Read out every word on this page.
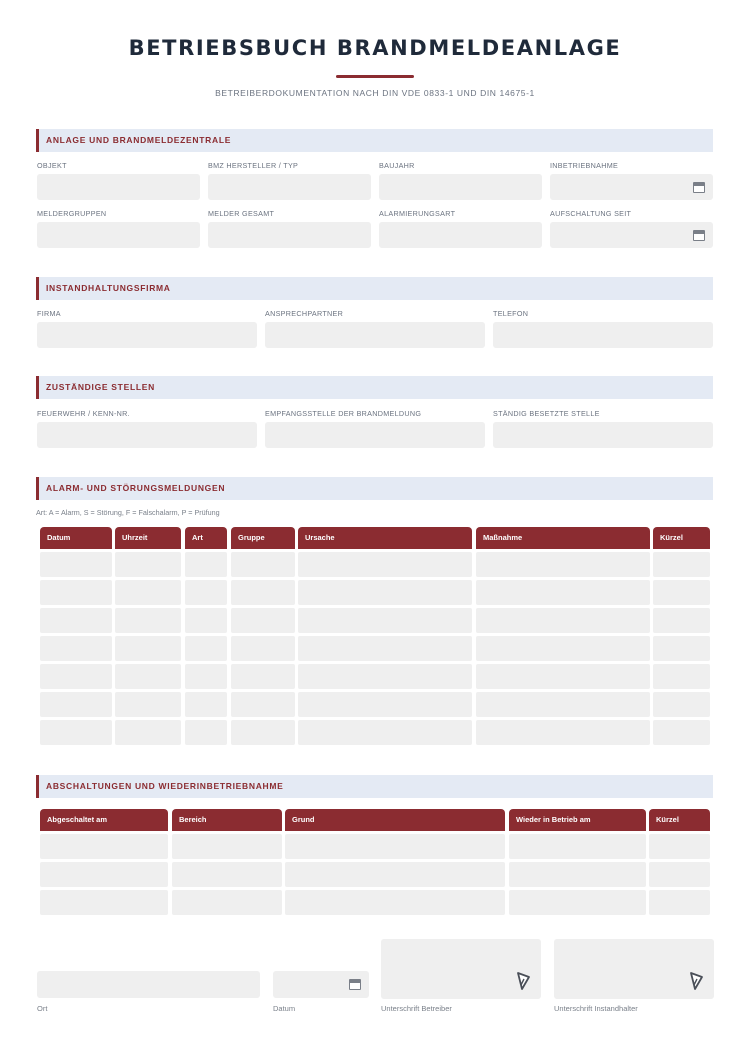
BETRIEBSBUCH BRANDMELDEANLAGE
BETREIBERDOKUMENTATION NACH DIN VDE 0833-1 UND DIN 14675-1
ANLAGE UND BRANDMELDEZENTRALE
OBJEKT	BMZ HERSTELLER / TYP	BAUJAHR	INBETRIEBNAHME
MELDERGRUPPEN	MELDER GESAMT	ALARMIERUNGSART	AUFSCHALTUNG SEIT
INSTANDHALTUNGSFIRMA
FIRMA	ANSPRECHPARTNER	TELEFON
ZUSTÄNDIGE STELLEN
FEUERWEHR / KENN-NR.	EMPFANGSSTELLE DER BRANDMELDUNG	STÄNDIG BESETZTE STELLE
ALARM- UND STÖRUNGSMELDUNGEN
Art: A = Alarm, S = Störung, F = Falschalarm, P = Prüfung
Datum	Uhrzeit	Art	Gruppe	Ursache	Maßnahme	Kürzel
ABSCHALTUNGEN UND WIEDERINBETRIEBNAHME
Abgeschaltet am	Bereich	Grund	Wieder in Betrieb am	Kürzel
Ort	Datum	Unterschrift Betreiber	Unterschrift Instandhalter
